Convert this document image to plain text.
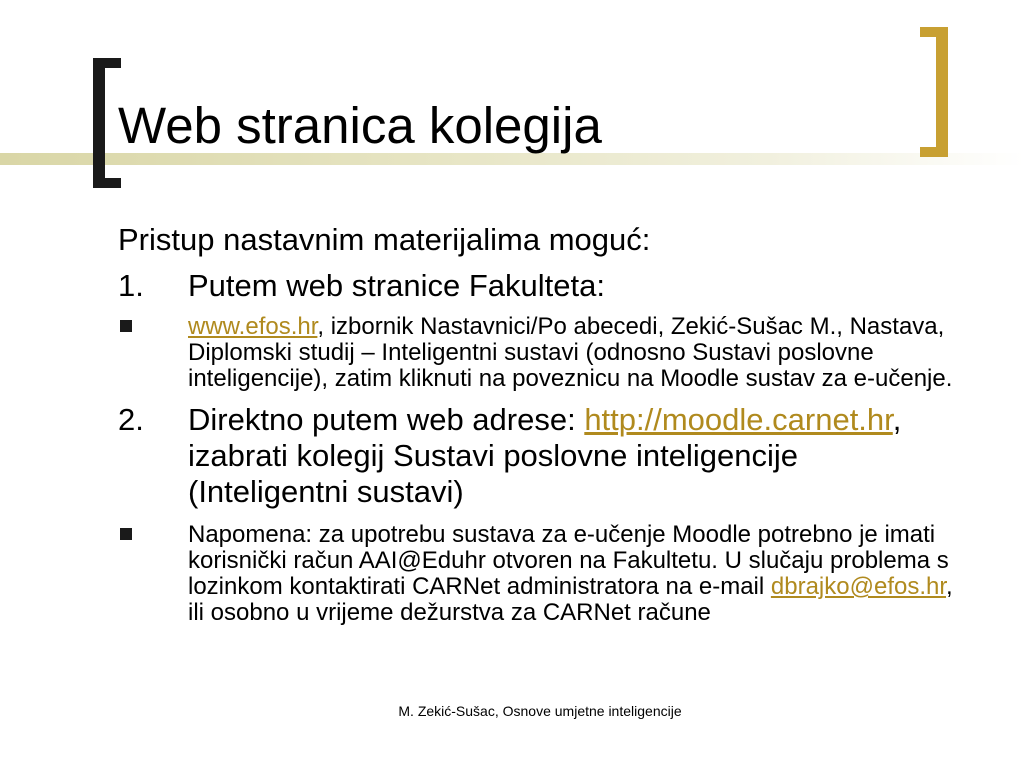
Web stranica kolegija

Pristup nastavnim materijalima moguć:

1. Putem web stranice Fakulteta:
www.efos.hr, izbornik Nastavnici/Po abecedi, Zekić-Sušac M., Nastava, Diplomski studij – Inteligentni sustavi (odnosno Sustavi poslovne inteligencije), zatim kliknuti na poveznicu na Moodle sustav za e-učenje.
2. Direktno putem web adrese: http://moodle.carnet.hr, izabrati kolegij Sustavi poslovne inteligencije (Inteligentni sustavi)
Napomena: za upotrebu sustava za e-učenje Moodle potrebno je imati korisnički račun AAI@Eduhr otvoren na Fakultetu. U slučaju problema s lozinkom kontaktirati CARNet administratora na e-mail dbrajko@efos.hr, ili osobno u vrijeme dežurstva za CARNet račune
M. Zekić-Sušac, Osnove umjetne inteligencije
